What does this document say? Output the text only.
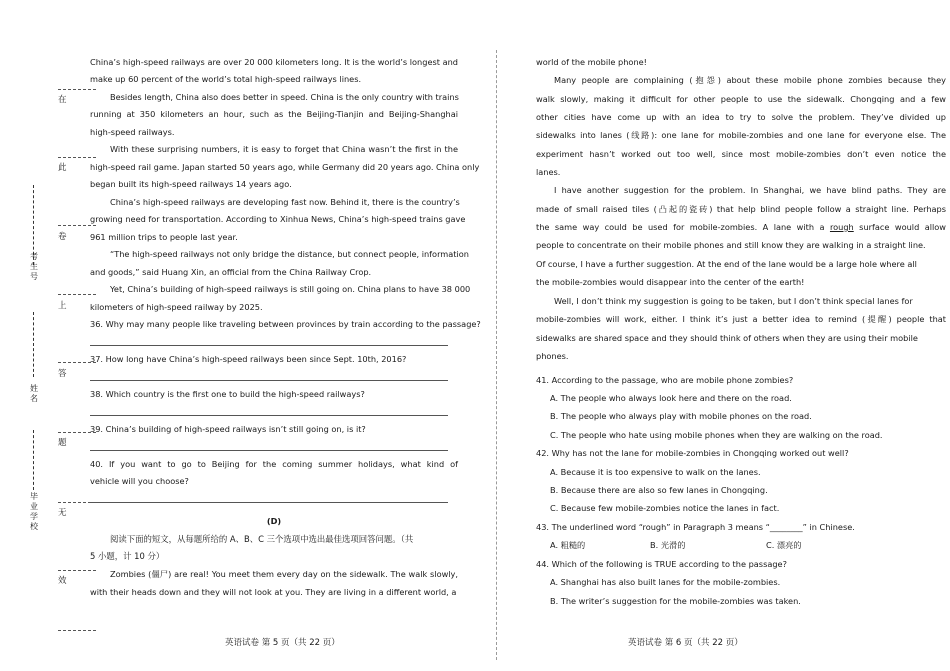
考生号
姓名
毕业学校
在
此
卷
上
答
题
无
效
China’s high-speed railways are over 20 000 kilometers long. It is the world’s longest and
make up 60 percent of the world’s total high-speed railways lines.
Besides length, China also does better in speed. China is the only country with trains
running at 350 kilometers an hour, such as the Beijing-Tianjin and Beijing-Shanghai
high-speed railways.
With these surprising numbers, it is easy to forget that China wasn’t the first in the
high-speed rail game. Japan started 50 years ago, while Germany did 20 years ago. China only
began built its high-speed railways 14 years ago.
China’s high-speed railways are developing fast now. Behind it, there is the country’s
growing need for transportation. According to Xinhua News, China’s high-speed trains gave
961 million trips to people last year.
“The high-speed railways not only bridge the distance, but connect people, information
and goods,” said Huang Xin, an official from the China Railway Crop.
Yet, China’s building of high-speed railways is still going on. China plans to have 38 000
kilometers of high-speed railway by 2025.
36. Why may many people like traveling between provinces by train according to the passage?
37. How long have China’s high-speed railways been since Sept. 10th, 2016?
38. Which country is the first one to build the high-speed railways?
39. China’s building of high-speed railways isn’t still going on, is it?
40. If you want to go to Beijing for the coming summer holidays, what kind of
vehicle will you choose?
(D)
阅读下面的短文，从每题所给的 A、B、C 三个选项中选出最佳选项回答问题。（共
5 小题，计 10 分）
Zombies (僵尸) are real! You meet them every day on the sidewalk. The walk slowly,
with their heads down and they will not look at you. They are living in a different world, a
英语试卷 第 5 页（共 22 页）
world of the mobile phone!
Many people are complaining (抱怨) about these mobile phone zombies because they
walk slowly, making it difficult for other people to use the sidewalk. Chongqing and a few
other cities have come up with an idea to try to solve the problem. They’ve divided up
sidewalks into lanes (线路): one lane for mobile-zombies and one lane for everyone else. The
experiment hasn’t worked out too well, since most mobile-zombies don’t even notice the
lanes.
I have another suggestion for the problem. In Shanghai, we have blind paths. They are
made of small raised tiles (凸起的瓷砖) that help blind people follow a straight line. Perhaps
the same way could be used for mobile-zombies. A lane with a rough surface would allow
people to concentrate on their mobile phones and still know they are walking in a straight line.
Of course, I have a further suggestion. At the end of the lane would be a large hole where all
the mobile-zombies would disappear into the center of the earth!
Well, I don’t think my suggestion is going to be taken, but I don’t think special lanes for
mobile-zombies will work, either. I think it’s just a better idea to remind (提醒) people that
sidewalks are shared space and they should think of others when they are using their mobile
phones.
41. According to the passage, who are mobile phone zombies?
A. The people who always look here and there on the road.
B. The people who always play with mobile phones on the road.
C. The people who hate using mobile phones when they are walking on the road.
42. Why has not the lane for mobile-zombies in Chongqing worked out well?
A. Because it is too expensive to walk on the lanes.
B. Because there are also so few lanes in Chongqing.
C. Because few mobile-zombies notice the lanes in fact.
43. The underlined word “rough” in Paragraph 3 means “________” in Chinese.
A. 粗糙的	B. 光滑的	C. 漂亮的
44. Which of the following is TRUE according to the passage?
A. Shanghai has also built lanes for the mobile-zombies.
B. The writer’s suggestion for the mobile-zombies was taken.
英语试卷 第 6 页（共 22 页）
